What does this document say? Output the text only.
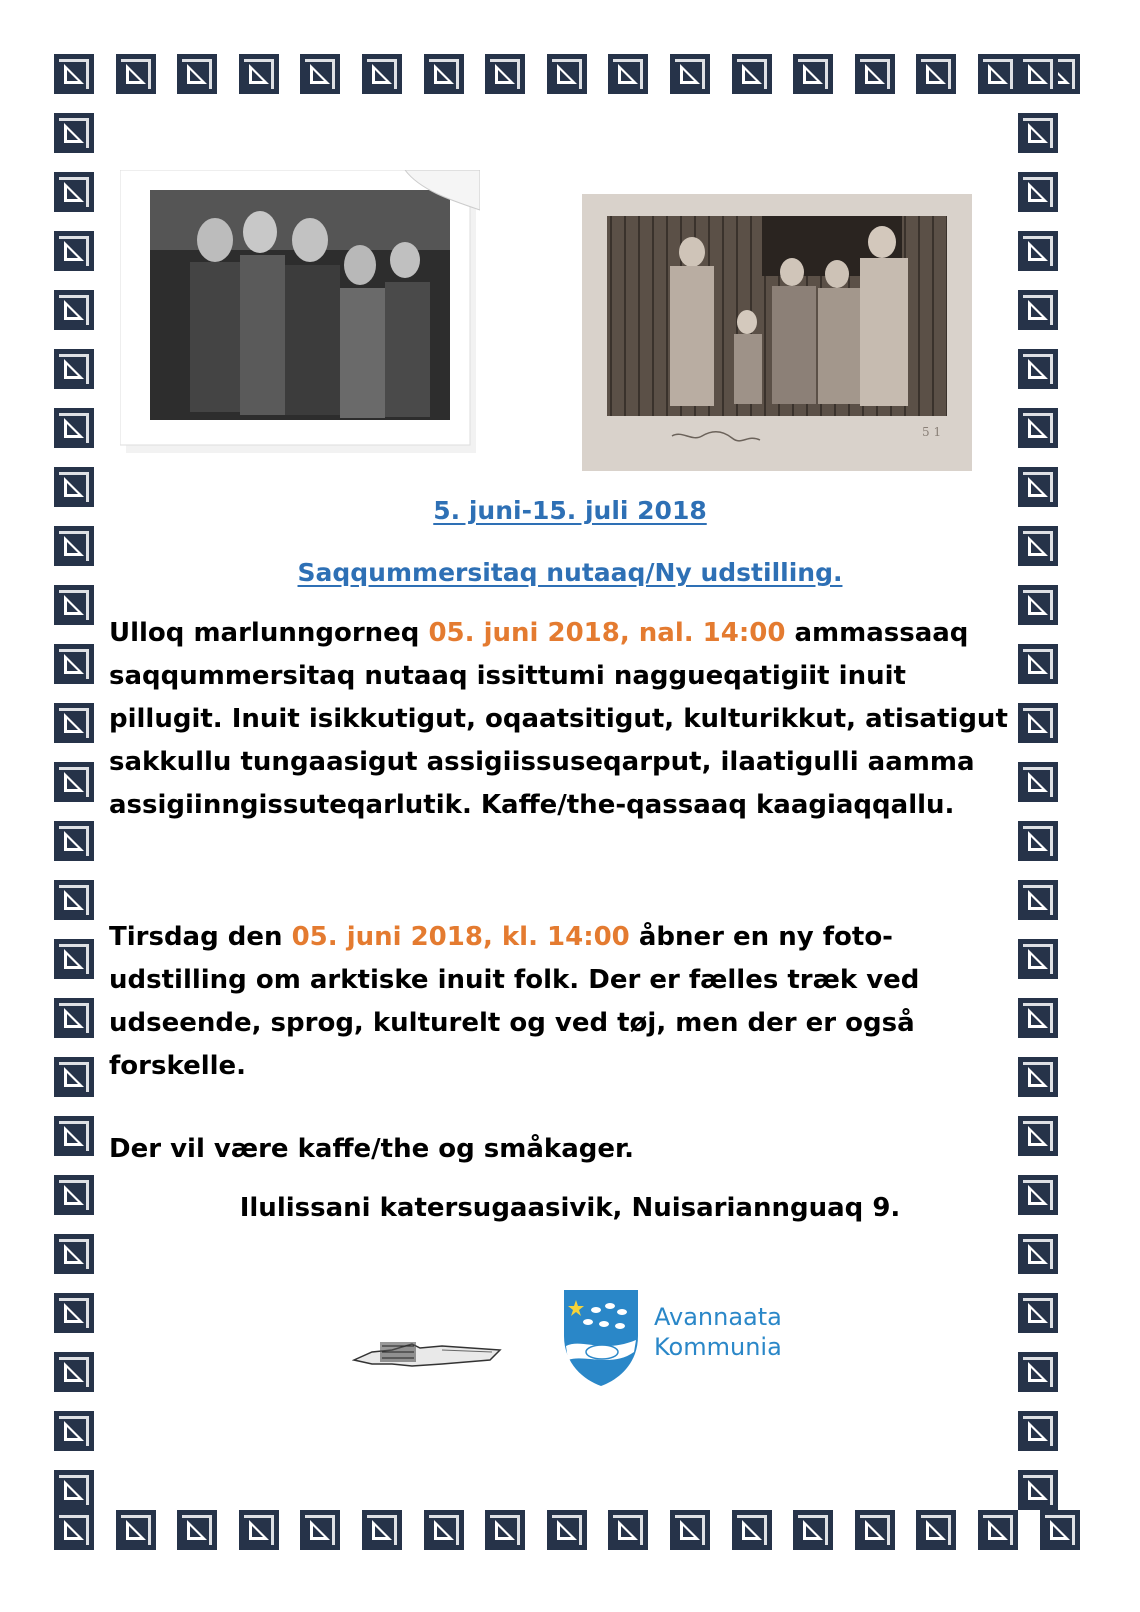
5 1
5. juni-15. juli 2018
Saqqummersitaq nutaaq/Ny udstilling.

Ulloq marlunngorneq 05. juni 2018, nal. 14:00 ammassaaq saqqummersitaq nutaaq issittumi naggueqatigiit inuit pillugit. Inuit isikkutigut, oqaatsitigut, kulturikkut, atisatigut sakkullu tungaasigut assigiissuseqarput, ilaatigulli aamma assigiinngissuteqarlutik. Kaffe/the-qassaaq kaagiaqqallu.

Tirsdag den 05. juni 2018, kl. 14:00 åbner en ny foto-udstilling om arktiske inuit folk. Der er fælles træk ved udseende, sprog, kulturelt og ved tøj, men der er også forskelle.

Der vil være kaffe/the og småkager.

Ilulissani katersugaasivik, Nuisariannguaq 9.
Avannaata
Kommunia
